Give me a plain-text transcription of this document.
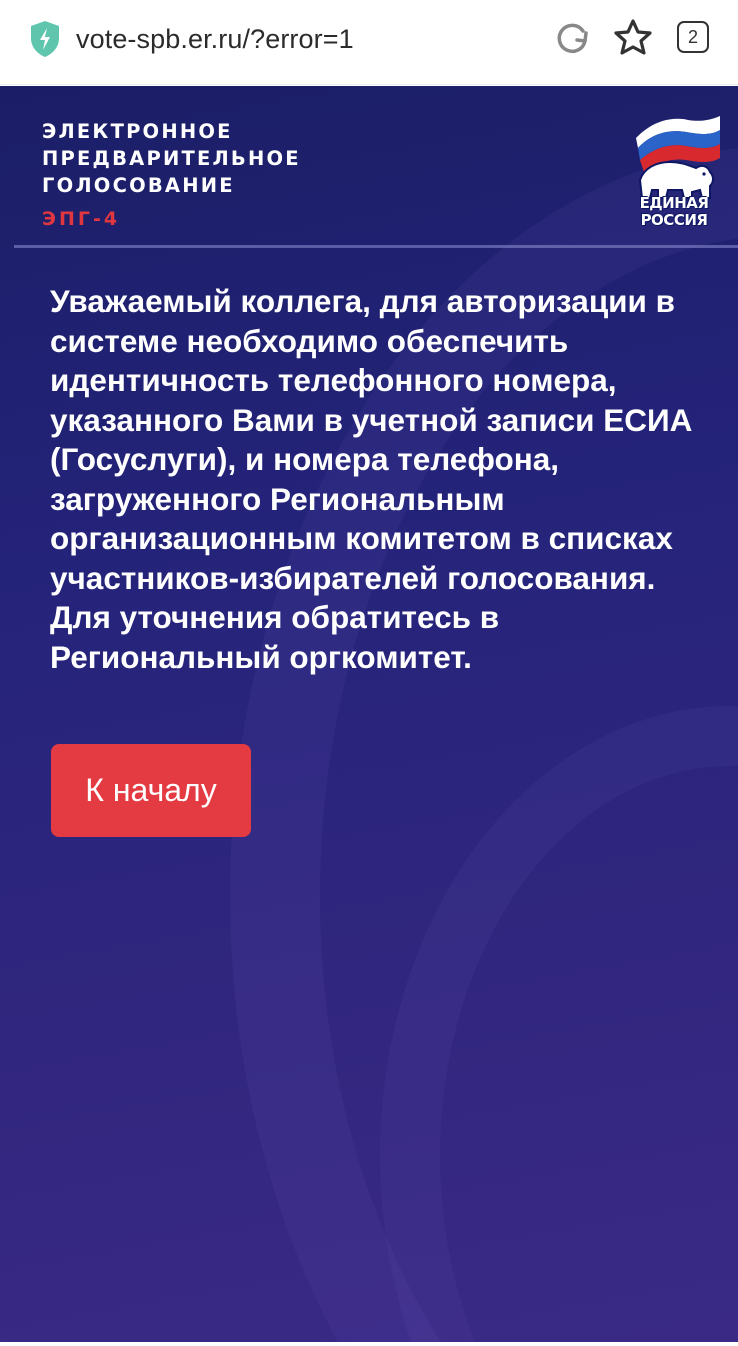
vote-spb.er.ru/?error=1	2
ЭЛЕКТРОННОЕ
ПРЕДВАРИТЕЛЬНОЕ
ГОЛОСОВАНИЕ
ЭПГ-4
ЕДИНАЯ
РОССИЯ
Уважаемый коллега, для авторизации в системе необходимо обеспечить идентичность телефонного номера, указанного Вами в учетной записи ЕСИА (Госуслуги), и номера телефона, загруженного Региональным организационным комитетом в списках участников-избирателей голосования. Для уточнения обратитесь в Региональный оргкомитет.
К началу
